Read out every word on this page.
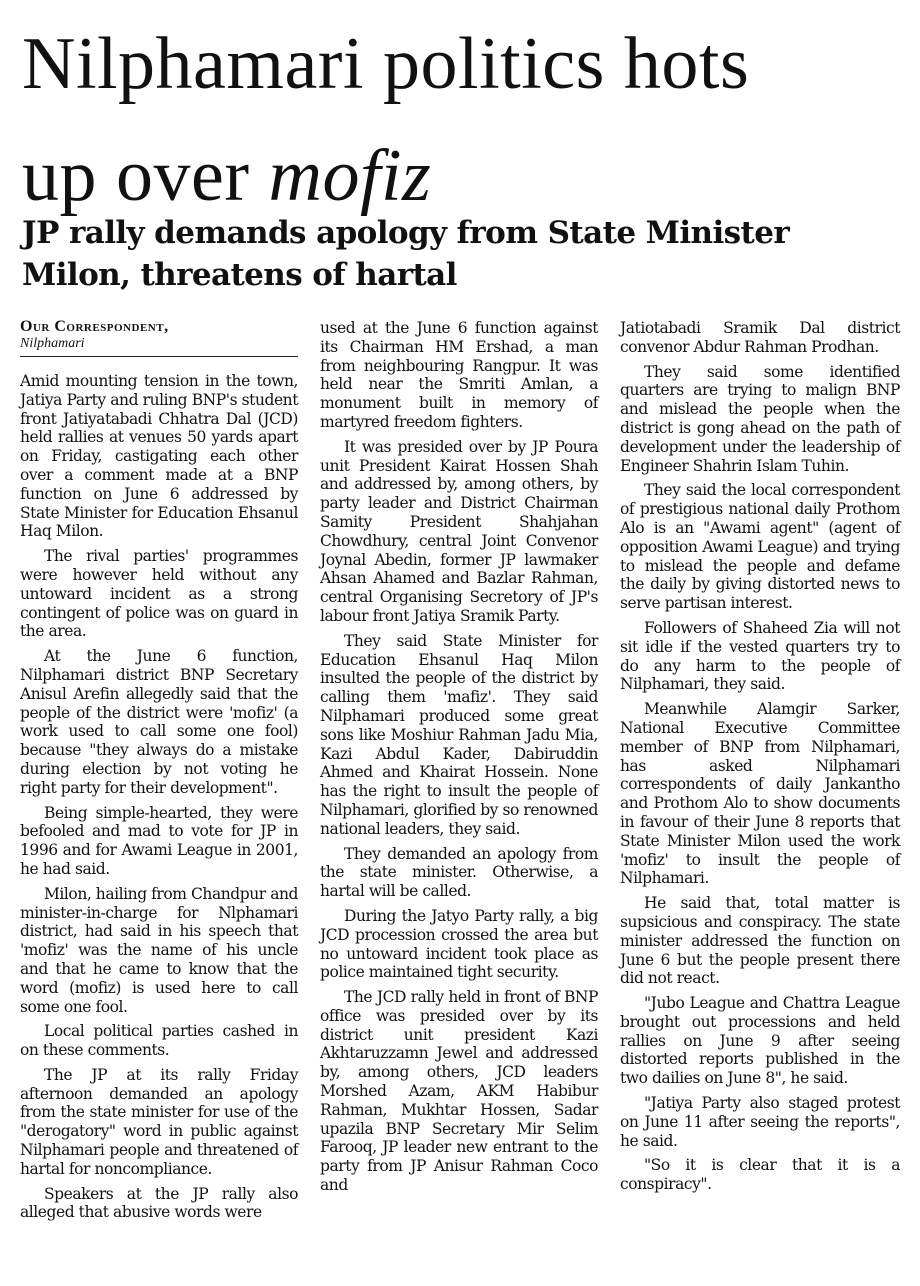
Nilphamari politics hots
up over mofiz
JP rally demands apology from State Minister Milon, threatens of hartal
Our Correspondent,
Nilphamari

Amid mounting tension in the town, Jatiya Party and ruling BNP's student front Jatiyatabadi Chhatra Dal (JCD) held rallies at venues 50 yards apart on Friday, castigating each other over a comment made at a BNP function on June 6 addressed by State Minister for Education Ehsanul Haq Milon.

The rival parties' programmes were however held without any untoward incident as a strong contingent of police was on guard in the area.

At the June 6 function, Nilphamari district BNP Secretary Anisul Arefin allegedly said that the people of the district were 'mofiz' (a work used to call some one fool) because "they always do a mistake during election by not voting he right party for their development".

Being simple-hearted, they were befooled and mad to vote for JP in 1996 and for Awami League in 2001, he had said.

Milon, hailing from Chandpur and minister-in-charge for Nlphamari district, had said in his speech that 'mofiz' was the name of his uncle and that he came to know that the word (mofiz) is used here to call some one fool.

Local political parties cashed in on these comments.

The JP at its rally Friday afternoon demanded an apology from the state minister for use of the "derogatory" word in public against Nilphamari people and threatened of hartal for noncompliance.

Speakers at the JP rally also alleged that abusive words were

used at the June 6 function against its Chairman HM Ershad, a man from neighbouring Rangpur. It was held near the Smriti Amlan, a monument built in memory of martyred freedom fighters.

It was presided over by JP Poura unit President Kairat Hossen Shah and addressed by, among others, by party leader and District Chairman Samity President Shahjahan Chowdhury, central Joint Convenor Joynal Abedin, former JP lawmaker Ahsan Ahamed and Bazlar Rahman, central Organising Secretory of JP's labour front Jatiya Sramik Party.

They said State Minister for Education Ehsanul Haq Milon insulted the people of the district by calling them 'mafiz'. They said Nilphamari produced some great sons like Moshiur Rahman Jadu Mia, Kazi Abdul Kader, Dabiruddin Ahmed and Khairat Hossein. None has the right to insult the people of Nilphamari, glorified by so renowned national leaders, they said.

They demanded an apology from the state minister. Otherwise, a hartal will be called.

During the Jatyo Party rally, a big JCD procession crossed the area but no untoward incident took place as police maintained tight security.

The JCD rally held in front of BNP office was presided over by its district unit president Kazi Akhtaruzzamn Jewel and addressed by, among others, JCD leaders Morshed Azam, AKM Habibur Rahman, Mukhtar Hossen, Sadar upazila BNP Secretary Mir Selim Farooq, JP leader new entrant to the party from JP Anisur Rahman Coco and

Jatiotabadi Sramik Dal district convenor Abdur Rahman Prodhan.

They said some identified quarters are trying to malign BNP and mislead the people when the district is gong ahead on the path of development under the leadership of Engineer Shahrin Islam Tuhin.

They said the local correspondent of prestigious national daily Prothom Alo is an "Awami agent" (agent of opposition Awami League) and trying to mislead the people and defame the daily by giving distorted news to serve partisan interest.

Followers of Shaheed Zia will not sit idle if the vested quarters try to do any harm to the people of Nilphamari, they said.

Meanwhile Alamgir Sarker, National Executive Committee member of BNP from Nilphamari, has asked Nilphamari correspondents of daily Jankantho and Prothom Alo to show documents in favour of their June 8 reports that State Minister Milon used the work 'mofiz' to insult the people of Nilphamari.

He said that, total matter is supsicious and conspiracy. The state minister addressed the function on June 6 but the people present there did not react.

"Jubo League and Chattra League brought out processions and held rallies on June 9 after seeing distorted reports published in the two dailies on June 8", he said.

"Jatiya Party also staged protest on June 11 after seeing the reports", he said.

"So it is clear that it is a conspiracy".
